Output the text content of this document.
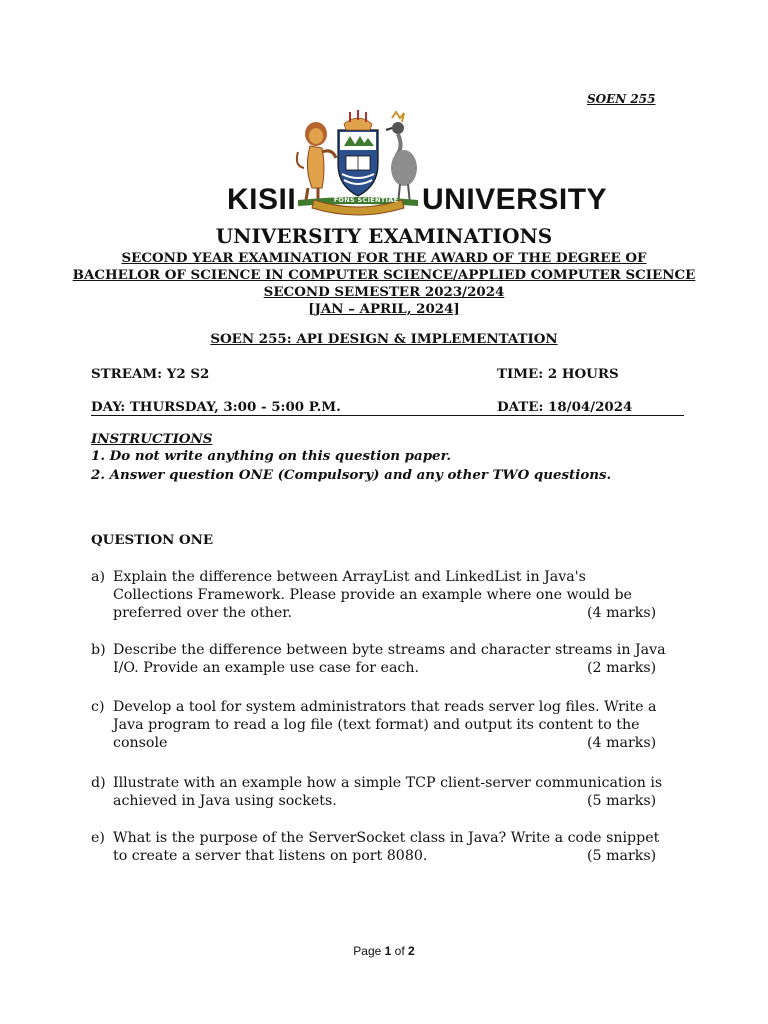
SOEN 255
FONS SCIENTIAE
KISII	UNIVERSITY
UNIVERSITY EXAMINATIONS
SECOND YEAR EXAMINATION FOR THE AWARD OF THE DEGREE OF
BACHELOR OF SCIENCE IN COMPUTER SCIENCE/APPLIED COMPUTER SCIENCE
SECOND SEMESTER 2023/2024
[JAN – APRIL, 2024]
SOEN 255: API DESIGN & IMPLEMENTATION
STREAM: Y2 S2	TIME: 2 HOURS
DAY: THURSDAY, 3:00 - 5:00 P.M.	DATE: 18/04/2024
INSTRUCTIONS
1. Do not write anything on this question paper.
2. Answer question ONE (Compulsory) and any other TWO questions.
QUESTION ONE
a) Explain the difference between ArrayList and LinkedList in Java's
Collections Framework. Please provide an example where one would be
preferred over the other.	(4 marks)
b) Describe the difference between byte streams and character streams in Java
I/O. Provide an example use case for each.	(2 marks)
c) Develop a tool for system administrators that reads server log files. Write a
Java program to read a log file (text format) and output its content to the
console	(4 marks)
d) Illustrate with an example how a simple TCP client-server communication is
achieved in Java using sockets.	(5 marks)
e) What is the purpose of the ServerSocket class in Java? Write a code snippet
to create a server that listens on port 8080.	(5 marks)
Page 1 of 2
